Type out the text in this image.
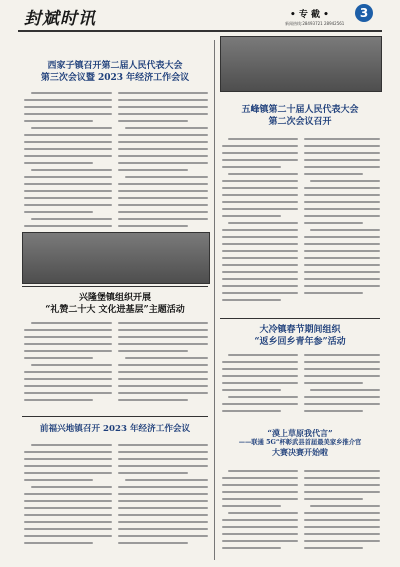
封斌时讯	• 专 截 •	3
新闻热线:28493721 28942561
西家子镇召开第二届人民代表大会
第三次会议暨 2023 年经济工作会议
五峰镇第二十届人民代表大会
第二次会议召开
兴隆堡镇组织开展
“礼赞二十大 文化进基层”主题活动
大冷镇春节期间组织
“返乡回乡青年参”活动
“漠上草原我代言”
——联通 5G“杯彰武县首届最美家乡推介官
大赛决赛开始啦
前福兴地镇召开 2023 年经济工作会议
